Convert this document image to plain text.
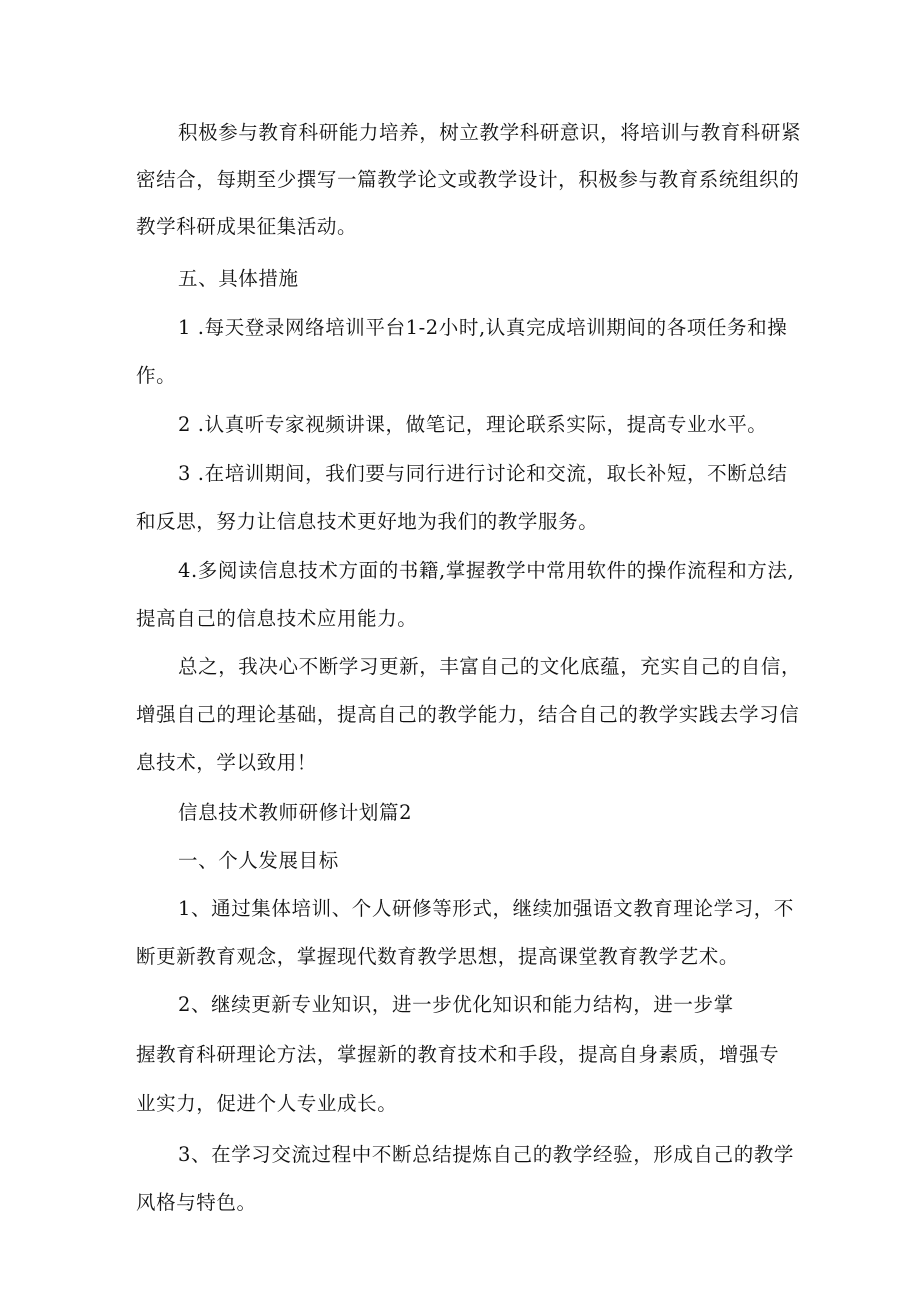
积极参与教育科研能力培养，树立教学科研意识，将培训与教育科研紧
密结合，每期至少撰写一篇教学论文或教学设计，积极参与教育系统组织的
教学科研成果征集活动。
五、具体措施
1 .每天登录网络培训平台1-2小时,认真完成培训期间的各项任务和操
作。
2 .认真听专家视频讲课，做笔记，理论联系实际，提高专业水平。
3 .在培训期间，我们要与同行进行讨论和交流，取长补短，不断总结
和反思，努力让信息技术更好地为我们的教学服务。
4.多阅读信息技术方面的书籍,掌握教学中常用软件的操作流程和方法,
提高自己的信息技术应用能力。
总之，我决心不断学习更新，丰富自己的文化底蕴，充实自己的自信，
增强自己的理论基础，提高自己的教学能力，结合自己的教学实践去学习信
息技术，学以致用！
信息技术教师研修计划篇2
一、个人发展目标
1、通过集体培训、个人研修等形式，继续加强语文教育理论学习，不
断更新教育观念，掌握现代数育教学思想，提高课堂教育教学艺术。
2、继续更新专业知识，进一步优化知识和能力结构，进一步掌
握教育科研理论方法，掌握新的教育技术和手段，提高自身素质，增强专
业实力，促进个人专业成长。
3、在学习交流过程中不断总结提炼自己的教学经验，形成自己的教学
风格与特色。
